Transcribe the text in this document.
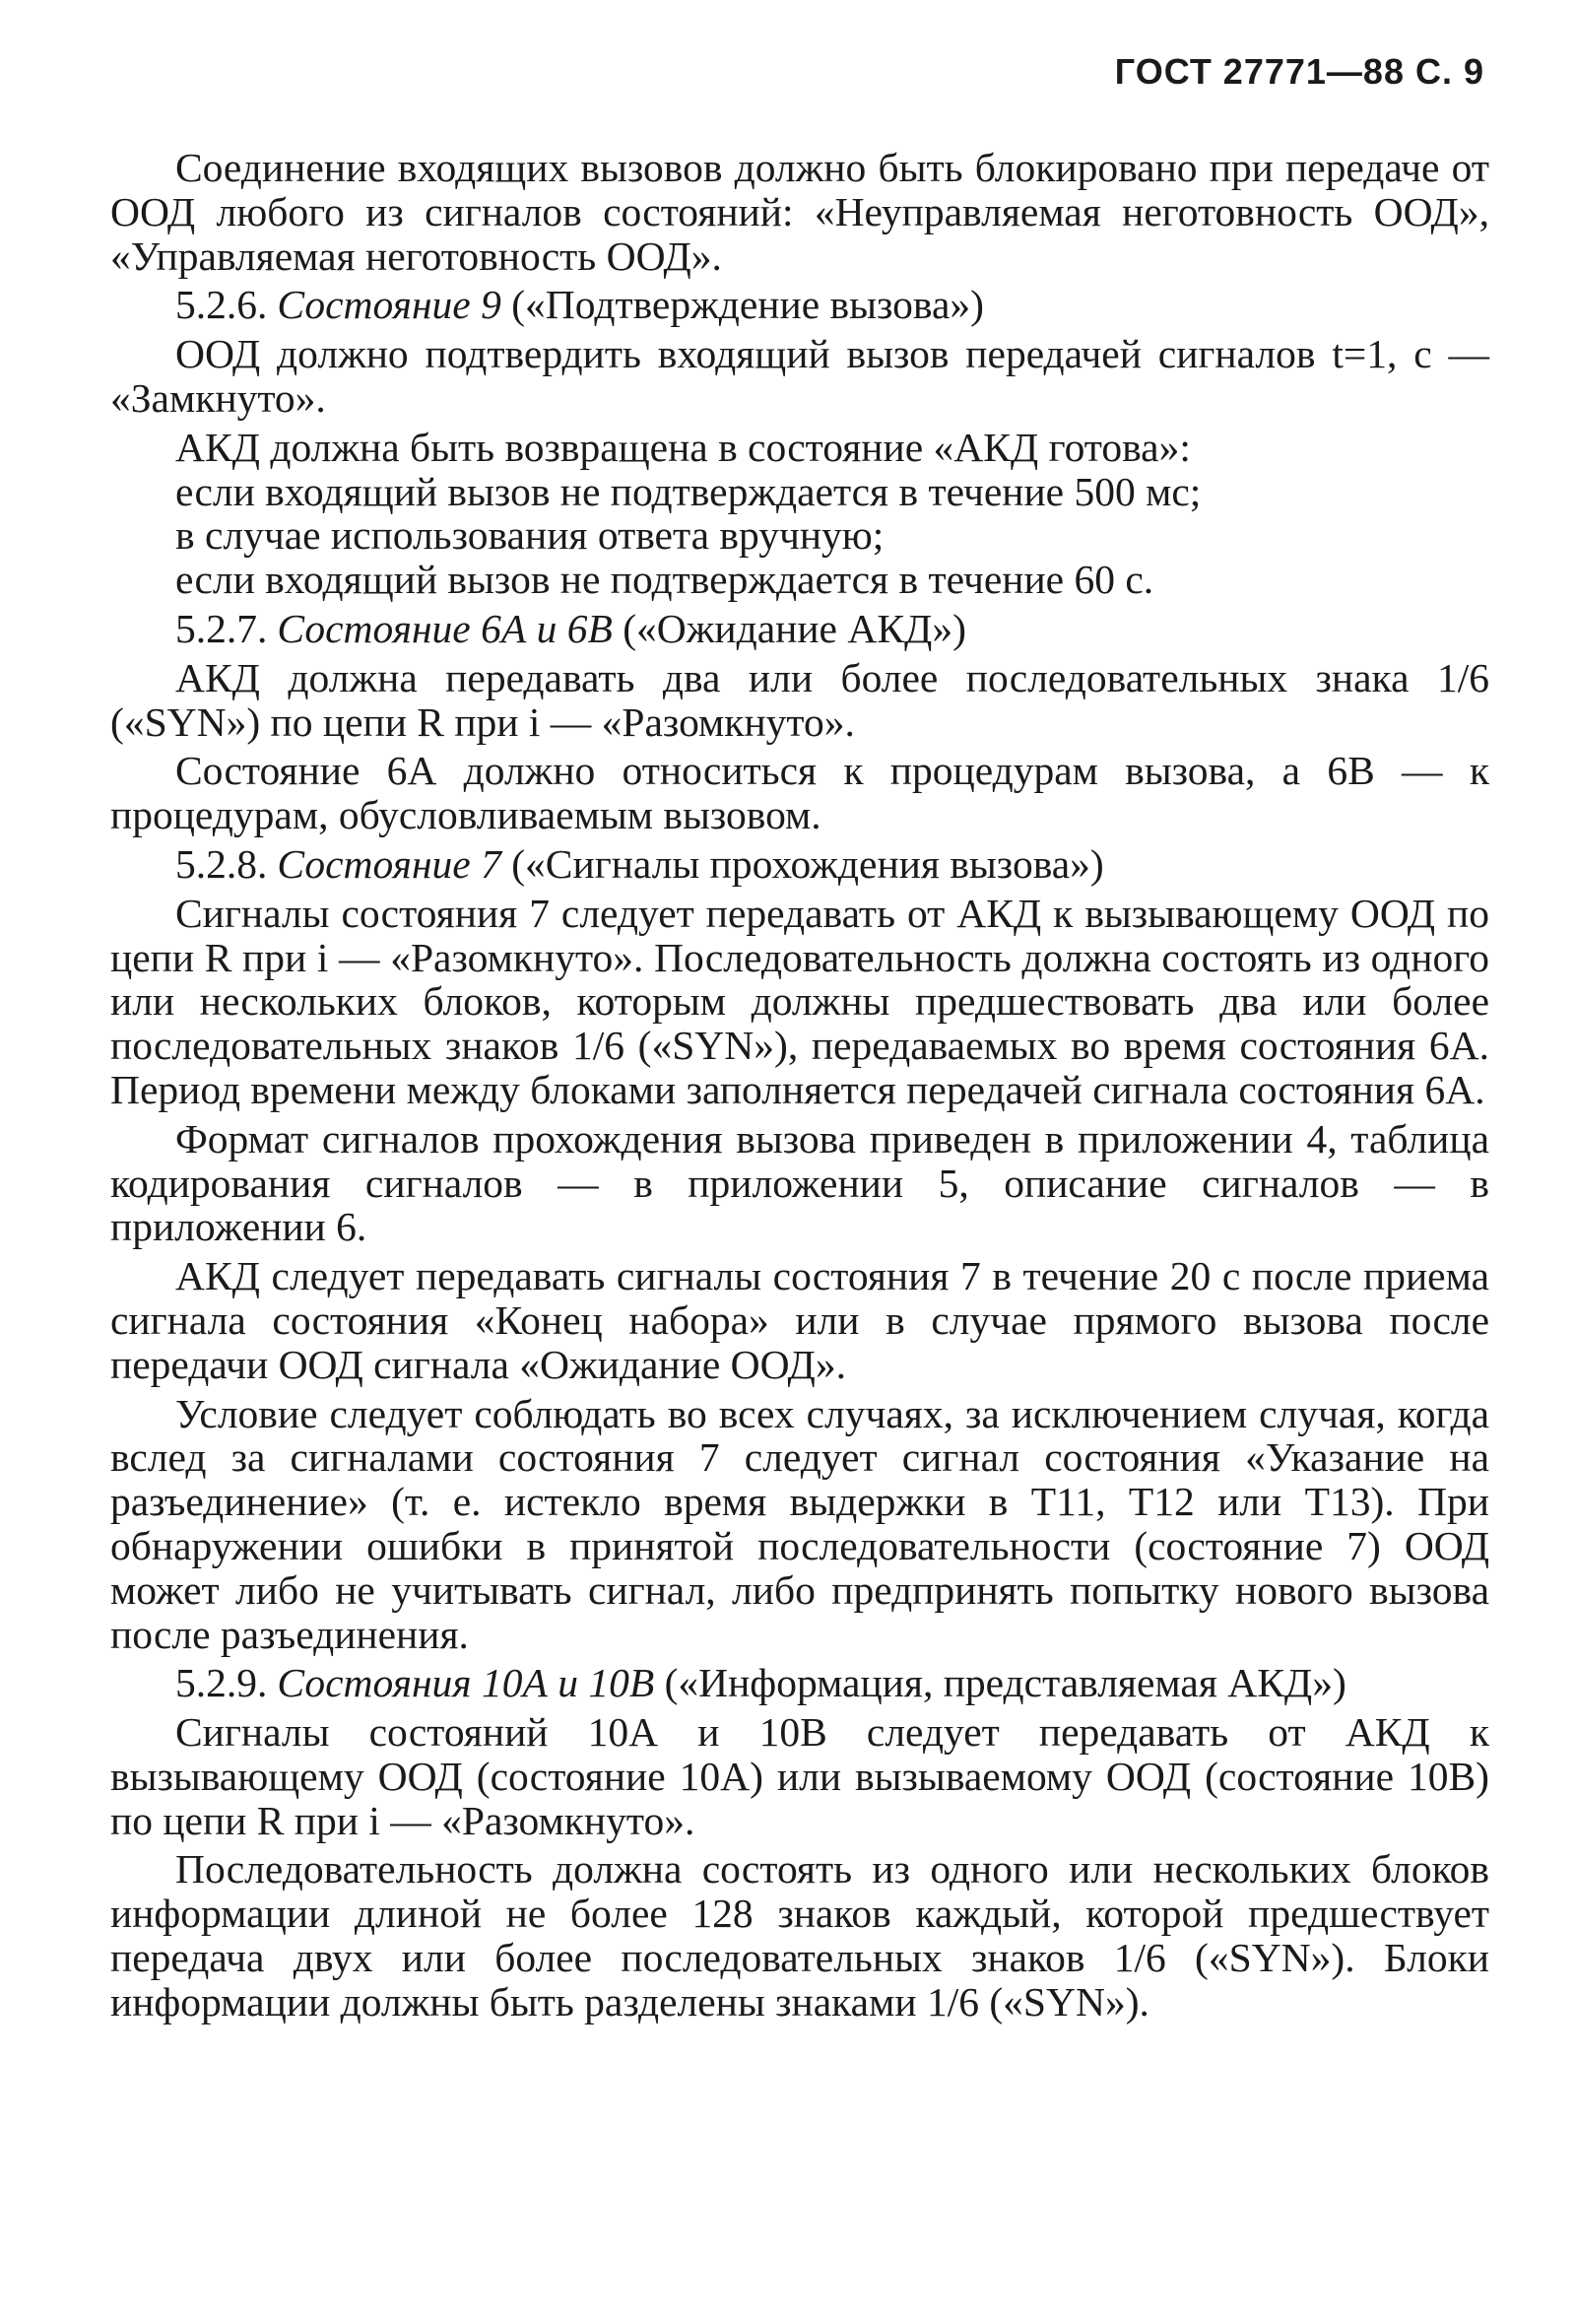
ГОСТ 27771—88 С. 9

Соединение входящих вызовов должно быть блокировано при передаче от ООД любого из сигналов состояний: «Неуправляемая неготовность ООД», «Управляемая неготовность ООД».

5.2.6. Состояние 9 («Подтверждение вызова»)

ООД должно подтвердить входящий вызов передачей сигналов t=1, c — «Замкнуто».

АКД должна быть возвращена в состояние «АКД готова»:

если входящий вызов не подтверждается в течение 500 мс;

в случае использования ответа вручную;

если входящий вызов не подтверждается в течение 60 с.

5.2.7. Состояние 6А и 6В («Ожидание АКД»)

АКД должна передавать два или более последовательных знака 1/6 («SYN») по цепи R при i — «Разомкнуто».

Состояние 6А должно относиться к процедурам вызова, а 6В — к процедурам, обусловливаемым вызовом.

5.2.8. Состояние 7 («Сигналы прохождения вызова»)

Сигналы состояния 7 следует передавать от АКД к вызывающему ООД по цепи R при i — «Разомкнуто». Последовательность должна состоять из одного или нескольких блоков, которым должны предшествовать два или более последовательных знаков 1/6 («SYN»), передаваемых во время состояния 6А. Период времени между блоками заполняется передачей сигнала состояния 6А.

Формат сигналов прохождения вызова приведен в приложении 4, таблица кодирования сигналов — в приложении 5, описание сигналов — в приложении 6.

АКД следует передавать сигналы состояния 7 в течение 20 с после приема сигнала состояния «Конец набора» или в случае прямого вызова после передачи ООД сигнала «Ожидание ООД».

Условие следует соблюдать во всех случаях, за исключением случая, когда вслед за сигналами состояния 7 следует сигнал состояния «Указание на разъединение» (т. е. истекло время выдержки в Т11, Т12 или Т13). При обнаружении ошибки в принятой последовательности (состояние 7) ООД может либо не учитывать сигнал, либо предпринять попытку нового вызова после разъединения.

5.2.9. Состояния 10А и 10В («Информация, представляемая АКД»)

Сигналы состояний 10А и 10В следует передавать от АКД к вызывающему ООД (состояние 10А) или вызываемому ООД (состояние 10В) по цепи R при i — «Разомкнуто».

Последовательность должна состоять из одного или нескольких блоков информации длиной не более 128 знаков каждый, которой предшествует передача двух или более последовательных знаков 1/6 («SYN»). Блоки информации должны быть разделены знаками 1/6 («SYN»).
